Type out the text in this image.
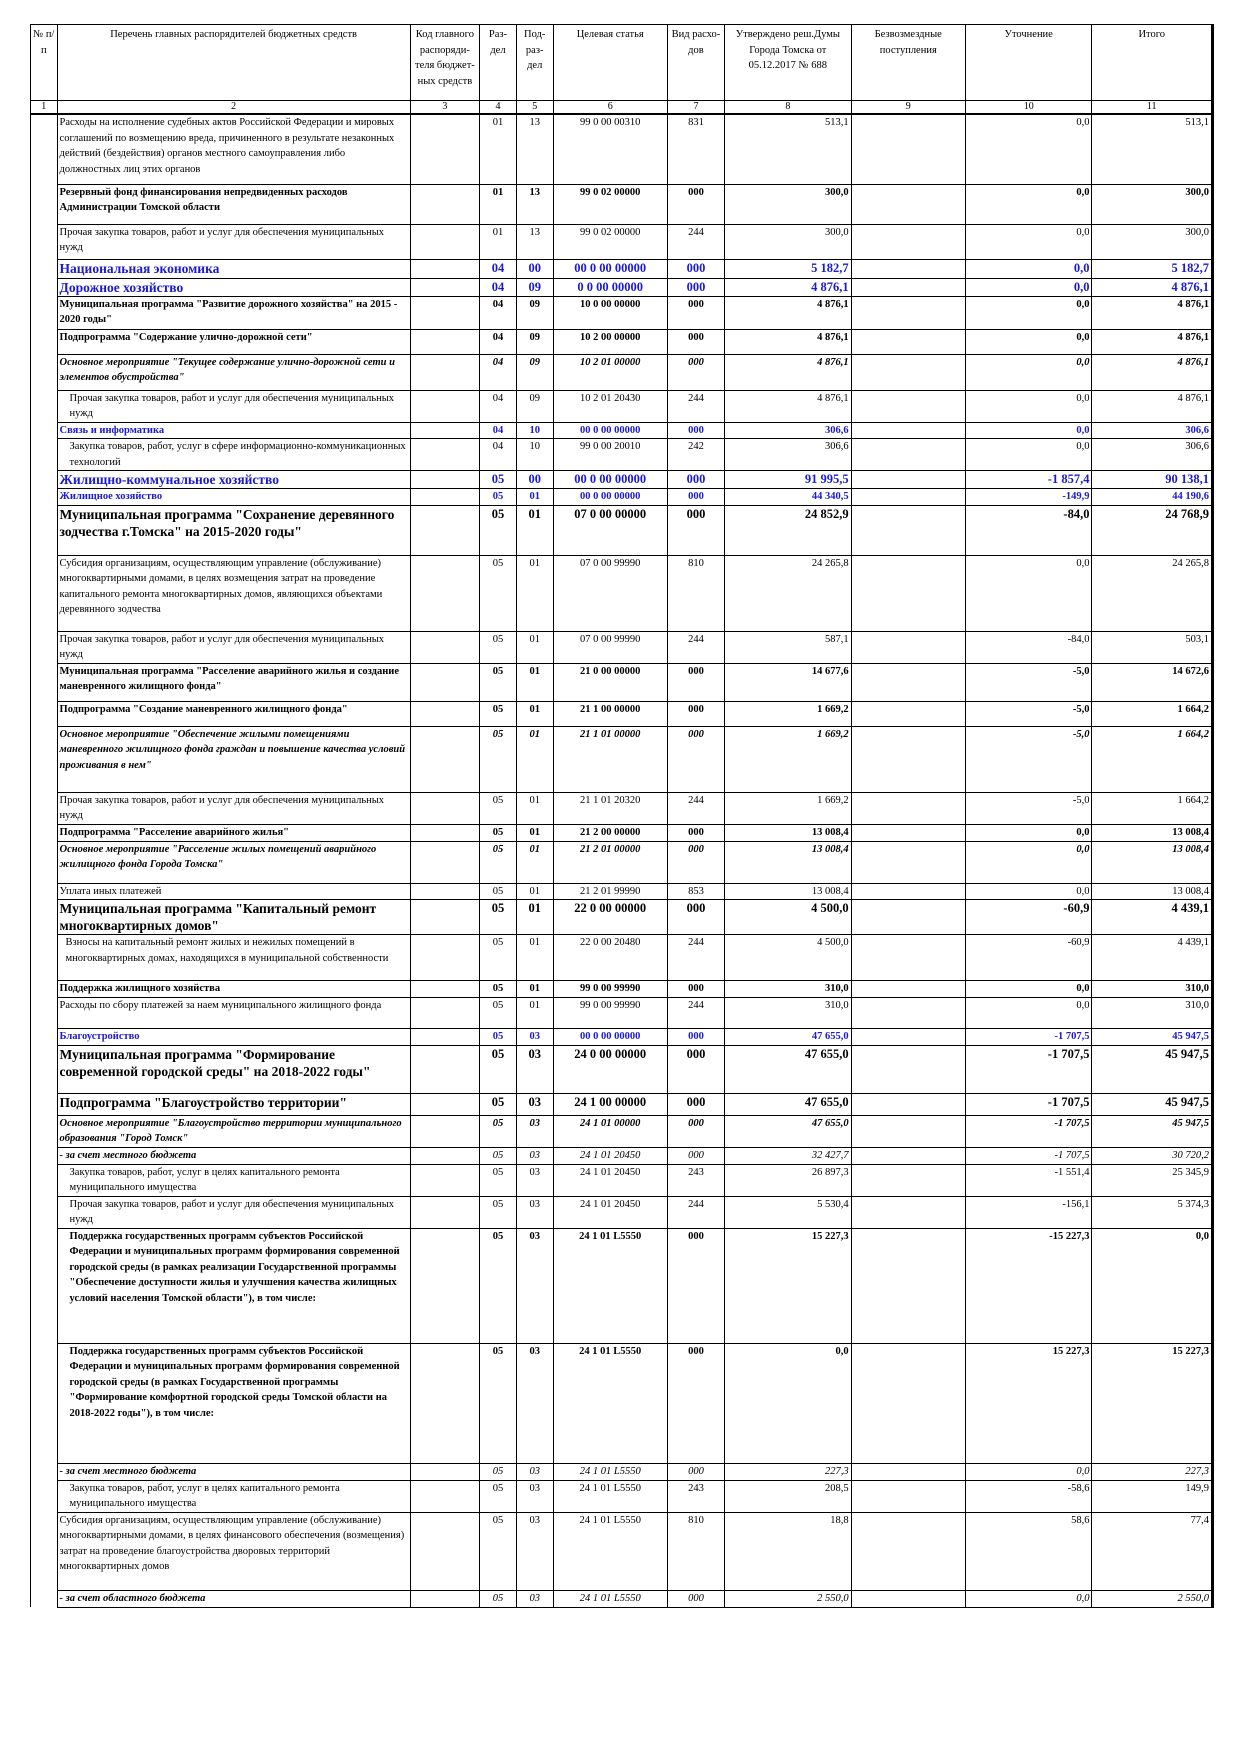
№ п/п	Перечень главных распорядителей бюджетных средств	Код главного распоряди-теля бюджет-ных средств	Раз-дел	Под-раз-дел	Целевая статья	Вид расхо-дов	Утверждено реш.Думы Города Томска от 05.12.2017 № 688	Безвозмездные поступления	Уточнение	Итого
1	2	3	4	5	6	7	8	9	10	11
	Расходы на исполнение судебных актов Российской Федерации и мировых соглашений по возмещению вреда, причиненного в результате незаконных действий (бездействия) органов местного самоуправления либо должностных лиц этих органов		01	13	99 0 00 00310	831	513,1		0,0	513,1
	Резервный фонд финансирования непредвиденных расходов Администрации Томской области		01	13	99 0 02 00000	000	300,0		0,0	300,0
	Прочая закупка товаров, работ и услуг для обеспечения муниципальных нужд		01	13	99 0 02 00000	244	300,0		0,0	300,0
	Национальная экономика		04	00	00 0 00 00000	000	5 182,7		0,0	5 182,7
	Дорожное хозяйство		04	09	0 0 00 00000	000	4 876,1		0,0	4 876,1
	Муниципальная программа "Развитие дорожного хозяйства" на 2015 - 2020 годы"		04	09	10 0 00 00000	000	4 876,1		0,0	4 876,1
	Подпрограмма "Содержание улично-дорожной сети"		04	09	10 2 00 00000	000	4 876,1		0,0	4 876,1
	Основное мероприятие "Текущее содержание улично-дорожной сети и элементов обустройства"		04	09	10 2 01 00000	000	4 876,1		0,0	4 876,1
	Прочая закупка товаров, работ и услуг для обеспечения муниципальных нужд		04	09	10 2 01 20430	244	4 876,1		0,0	4 876,1
	Связь и информатика		04	10	00 0 00 00000	000	306,6		0,0	306,6
	Закупка товаров, работ, услуг в сфере информационно-коммуникационных технологий		04	10	99 0 00 20010	242	306,6		0,0	306,6
	Жилищно-коммунальное хозяйство		05	00	00 0 00 00000	000	91 995,5		-1 857,4	90 138,1
	Жилищное хозяйство		05	01	00 0 00 00000	000	44 340,5		-149,9	44 190,6
	Муниципальная программа "Сохранение деревянного зодчества г.Томска" на 2015-2020 годы"		05	01	07 0 00 00000	000	24 852,9		-84,0	24 768,9
	Субсидия организациям, осуществляющим управление (обслуживание) многоквартирными домами, в целях возмещения затрат на проведение капитального ремонта многоквартирных домов, являющихся объектами деревянного зодчества		05	01	07 0 00 99990	810	24 265,8		0,0	24 265,8
	Прочая закупка товаров, работ и услуг для обеспечения муниципальных нужд		05	01	07 0 00 99990	244	587,1		-84,0	503,1
	Муниципальная программа "Расселение аварийного жилья и создание маневренного жилищного фонда"		05	01	21 0 00 00000	000	14 677,6		-5,0	14 672,6
	Подпрограмма "Создание маневренного жилищного фонда"		05	01	21 1 00 00000	000	1 669,2		-5,0	1 664,2
	Основное мероприятие "Обеспечение жилыми помещениями маневренного жилищного фонда граждан и повышение качества условий проживания в нем"		05	01	21 1 01 00000	000	1 669,2		-5,0	1 664,2
	Прочая закупка товаров, работ и услуг для обеспечения муниципальных нужд		05	01	21 1 01 20320	244	1 669,2		-5,0	1 664,2
	Подпрограмма "Расселение аварийного жилья"		05	01	21 2 00 00000	000	13 008,4		0,0	13 008,4
	Основное мероприятие "Расселение жилых помещений аварийного жилищного фонда Города Томска"		05	01	21 2 01 00000	000	13 008,4		0,0	13 008,4
	Уплата иных платежей		05	01	21 2 01 99990	853	13 008,4		0,0	13 008,4
	Муниципальная программа "Капитальный ремонт многоквартирных домов"		05	01	22 0 00 00000	000	4 500,0		-60,9	4 439,1
	Взносы на капитальный ремонт жилых и нежилых помещений в многоквартирных домах, находящихся в муниципальной собственности		05	01	22 0 00 20480	244	4 500,0		-60,9	4 439,1
	Поддержка жилищного хозяйства		05	01	99 0 00 99990	000	310,0		0,0	310,0
	Расходы по сбору платежей за наем муниципального жилищного фонда		05	01	99 0 00 99990	244	310,0		0,0	310,0
	Благоустройство		05	03	00 0 00 00000	000	47 655,0		-1 707,5	45 947,5
	Муниципальная программа "Формирование современной городской среды" на 2018-2022 годы"		05	03	24 0 00 00000	000	47 655,0		-1 707,5	45 947,5
	Подпрограмма "Благоустройство территории"		05	03	24 1 00 00000	000	47 655,0		-1 707,5	45 947,5
	Основное мероприятие "Благоустройство территории муниципального образования "Город Томск"		05	03	24 1 01 00000	000	47 655,0		-1 707,5	45 947,5
	- за счет местного бюджета		05	03	24 1 01 20450	000	32 427,7		-1 707,5	30 720,2
	Закупка товаров, работ, услуг в целях капитального ремонта муниципального имущества		05	03	24 1 01 20450	243	26 897,3		-1 551,4	25 345,9
	Прочая закупка товаров, работ и услуг для обеспечения муниципальных нужд		05	03	24 1 01 20450	244	5 530,4		-156,1	5 374,3
	Поддержка государственных программ субъектов Российской Федерации и муниципальных программ формирования современной городской среды (в рамках реализации Государственной программы "Обеспечение доступности жилья и улучшения качества жилищных условий населения Томской области"), в том числе:		05	03	24 1 01 L5550	000	15 227,3		-15 227,3	0,0
	Поддержка государственных программ субъектов Российской Федерации и муниципальных программ формирования современной городской среды (в рамках Государственной программы "Формирование комфортной городской среды Томской области на 2018-2022 годы"), в том числе:		05	03	24 1 01 L5550	000	0,0		15 227,3	15 227,3
	- за счет местного бюджета		05	03	24 1 01 L5550	000	227,3		0,0	227,3
	Закупка товаров, работ, услуг в целях капитального ремонта муниципального имущества		05	03	24 1 01 L5550	243	208,5		-58,6	149,9
	Субсидия организациям, осуществляющим управление (обслуживание) многоквартирными домами, в целях финансового обеспечения (возмещения) затрат на проведение благоустройства дворовых территорий многоквартирных домов		05	03	24 1 01 L5550	810	18,8		58,6	77,4
	- за счет областного бюджета		05	03	24 1 01 L5550	000	2 550,0		0,0	2 550,0
